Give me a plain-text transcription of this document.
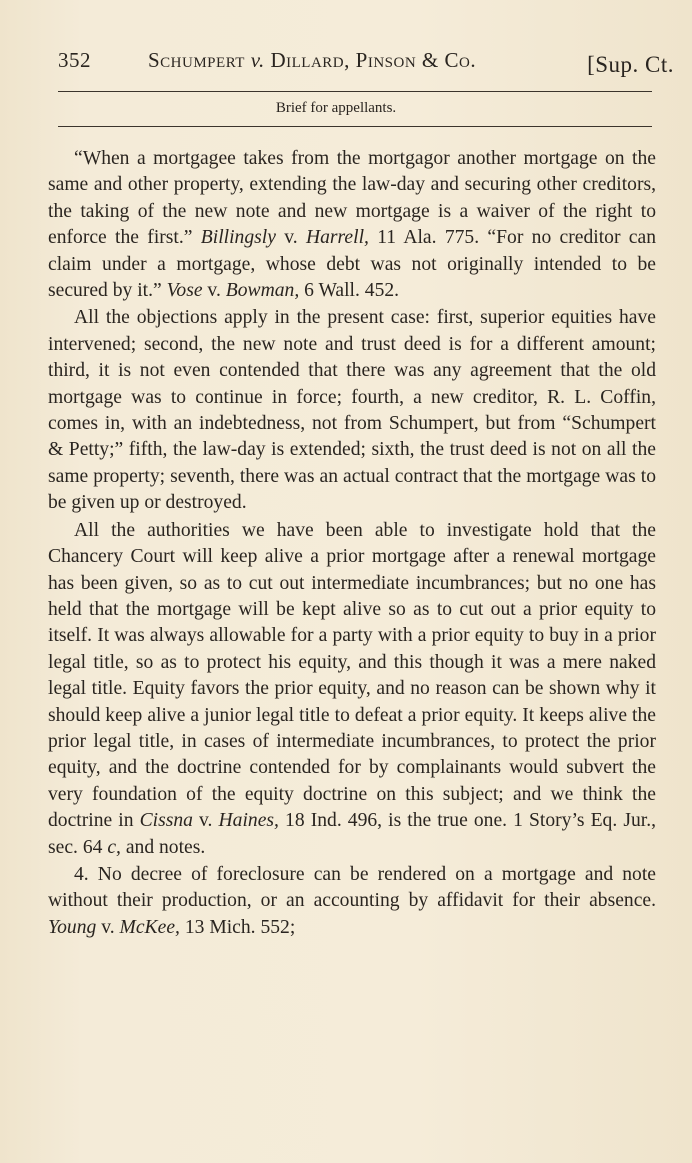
352	Schumpert v. Dillard, Pinson & Co.	[Sup. Ct.
Brief for appellants.

“When a mortgagee takes from the mortgagor another mortgage on the same and other property, extending the law-day and securing other creditors, the taking of the new note and new mortgage is a waiver of the right to enforce the first.” Billingsly v. Harrell, 11 Ala. 775. “For no creditor can claim under a mortgage, whose debt was not originally intended to be secured by it.” Vose v. Bowman, 6 Wall. 452.

All the objections apply in the present case: first, superior equities have intervened; second, the new note and trust deed is for a different amount; third, it is not even contended that there was any agreement that the old mortgage was to continue in force; fourth, a new creditor, R. L. Coffin, comes in, with an indebtedness, not from Schumpert, but from “Schumpert & Petty;” fifth, the law-day is extended; sixth, the trust deed is not on all the same property; seventh, there was an actual contract that the mortgage was to be given up or destroyed.

All the authorities we have been able to investigate hold that the Chancery Court will keep alive a prior mortgage after a renewal mortgage has been given, so as to cut out intermediate incumbrances; but no one has held that the mortgage will be kept alive so as to cut out a prior equity to itself. It was always allowable for a party with a prior equity to buy in a prior legal title, so as to protect his equity, and this though it was a mere naked legal title. Equity favors the prior equity, and no reason can be shown why it should keep alive a junior legal title to defeat a prior equity. It keeps alive the prior legal title, in cases of intermediate incumbrances, to protect the prior equity, and the doctrine contended for by complainants would subvert the very foundation of the equity doctrine on this subject; and we think the doctrine in Cissna v. Haines, 18 Ind. 496, is the true one. 1 Story’s Eq. Jur., sec. 64 c, and notes.

4. No decree of foreclosure can be rendered on a mortgage and note without their production, or an accounting by affidavit for their absence. Young v. McKee, 13 Mich. 552;
